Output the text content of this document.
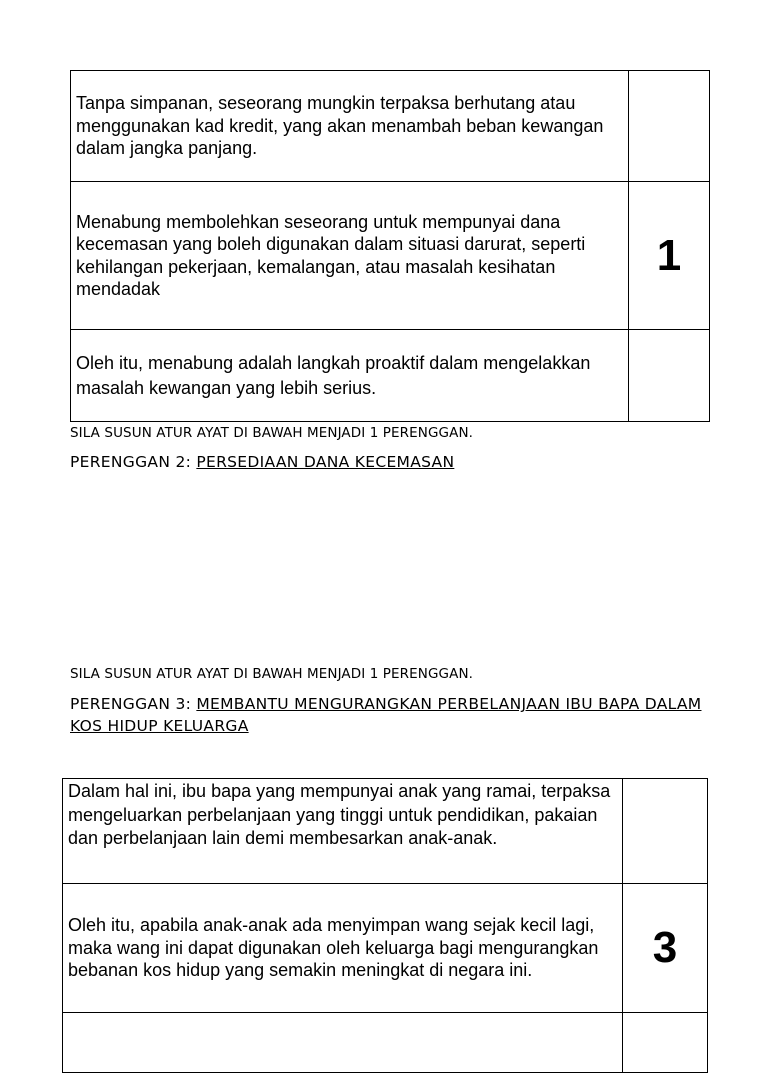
Tanpa simpanan, seseorang mungkin terpaksa berhutang atau menggunakan kad kredit, yang akan menambah beban kewangan dalam jangka panjang.	
Menabung membolehkan seseorang untuk mempunyai dana kecemasan yang boleh digunakan dalam situasi darurat, seperti kehilangan pekerjaan, kemalangan, atau masalah kesihatan mendadak	1
Oleh itu, menabung adalah langkah proaktif dalam mengelakkan masalah kewangan yang lebih serius.	
SILA SUSUN ATUR AYAT DI BAWAH MENJADI 1 PERENGGAN.
PERENGGAN 2: PERSEDIAAN DANA KECEMASAN
SILA SUSUN ATUR AYAT DI BAWAH MENJADI 1 PERENGGAN.
PERENGGAN 3: MEMBANTU MENGURANGKAN PERBELANJAAN IBU BAPA DALAM KOS HIDUP KELUARGA
Dalam hal ini, ibu bapa yang mempunyai anak yang ramai, terpaksa mengeluarkan perbelanjaan yang tinggi untuk pendidikan, pakaian dan perbelanjaan lain demi membesarkan anak-anak.	
Oleh itu, apabila anak-anak ada menyimpan wang sejak kecil lagi, maka wang ini dapat digunakan oleh keluarga bagi mengurangkan bebanan kos hidup yang semakin meningkat di negara ini.	3
